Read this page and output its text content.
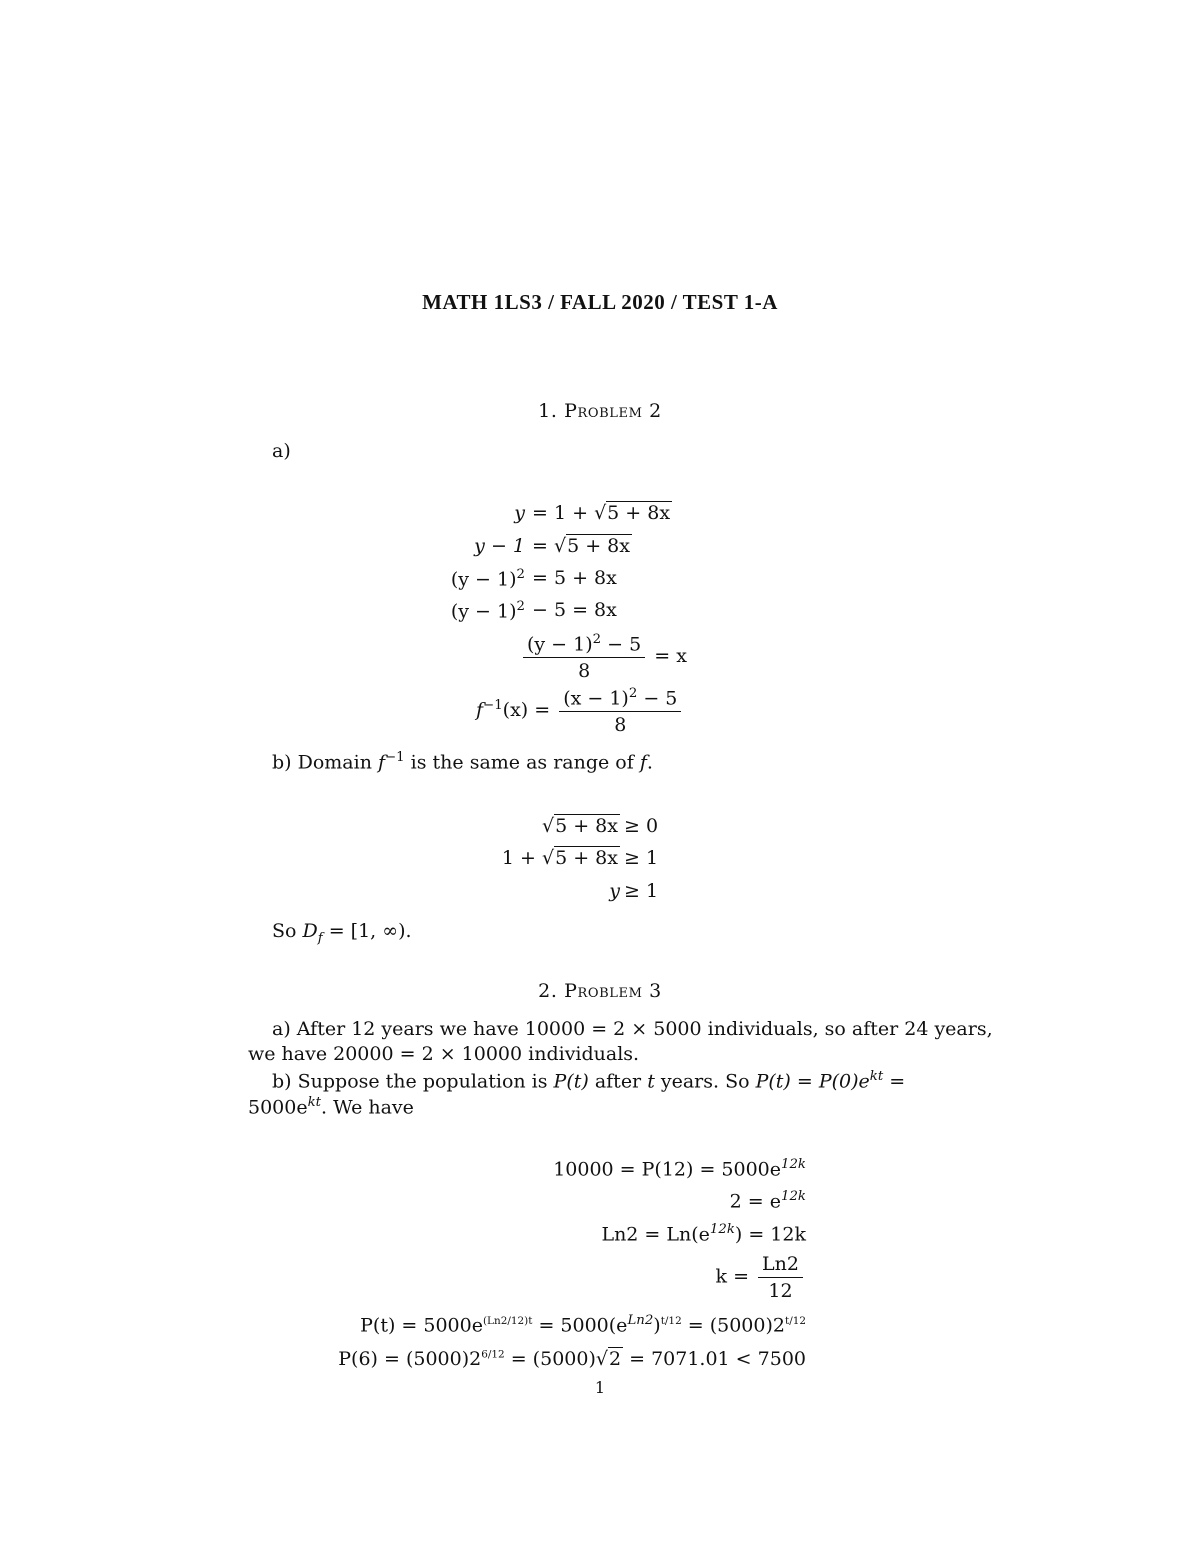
MATH 1LS3 / FALL 2020 / TEST 1-A
1. Problem 2
a)
y = 1 + √5 + 8x
y − 1 = √5 + 8x
$(y - 1)^2 = 5 + 8x$
$(y - 1)^2 - 5 = 8x$
$\frac{(y - 1)^2 - 5}{8} = x$
$f^{-1}(x) = \frac{(x - 1)^2 - 5}{8}$
b) Domain $f^{-1}$ is the same as range of f.
√5 + 8x ≥ 0
1 + √5 + 8x ≥ 1
y ≥ 1
So $D_f = [1$, ∞).
2. Problem 3
a) After 12 years we have 10000 = 2 × 5000 individuals, so after 24 years,
we have 20000 = 2 × 10000 individuals.
b) Suppose the population is P(t) after t years. So $P(t) = P(0)e^{kt}$ =
$5000e^{kt}$. We have
$10000 = P(12) = 5000e^{12k}$
$2 = e^{12k}$
$Ln2 = Ln(e^{12k}) = 12k$
$k = \frac{Ln2}{12}$
$P(t) = 5000e^{(Ln2/12)t} = 5000(e^{Ln2})^{t/12} = (5000)2^{t/12}$
$P(6) = (5000)2^{6/12} = (5000)√2 = 7071.01 < 7500$
1
